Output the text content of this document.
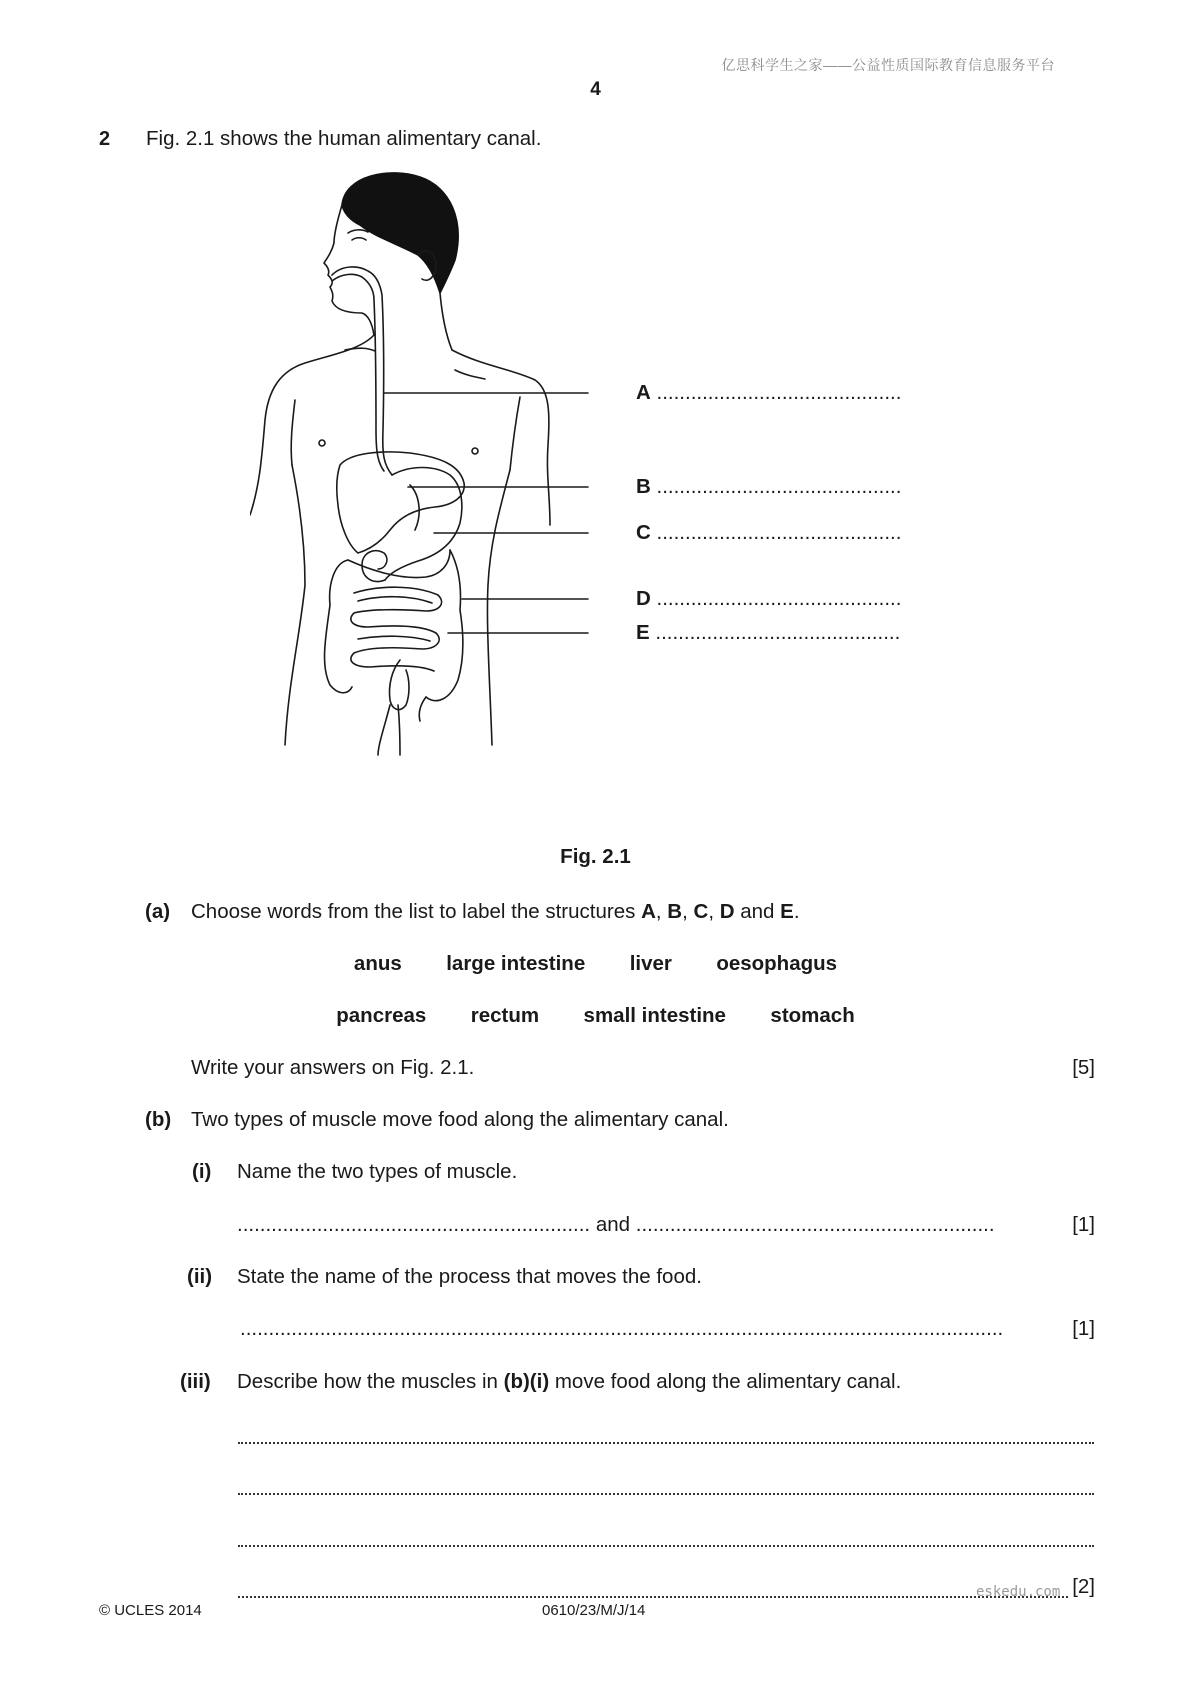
亿思科学生之家——公益性质国际教育信息服务平台
4
2 Fig. 2.1 shows the human alimentary canal.
A ...........................................
B ...........................................
C ...........................................
D ...........................................
E ...........................................
Fig. 2.1
(a) Choose words from the list to label the structures A, B, C, D and E.
anus large intestine liver oesophagus
pancreas rectum small intestine stomach
Write your answers on Fig. 2.1.	[5]
(b) Two types of muscle move food along the alimentary canal.
(i) Name the two types of muscle.
.............................................................. and ...............................................................	[1]
(ii) State the name of the process that moves the food.
......................................................................................................................................	[1]
(iii) Describe how the muscles in (b)(i) move food along the alimentary canal.
[2]
eskedu.com
© UCLES 2014	0610/23/M/J/14
